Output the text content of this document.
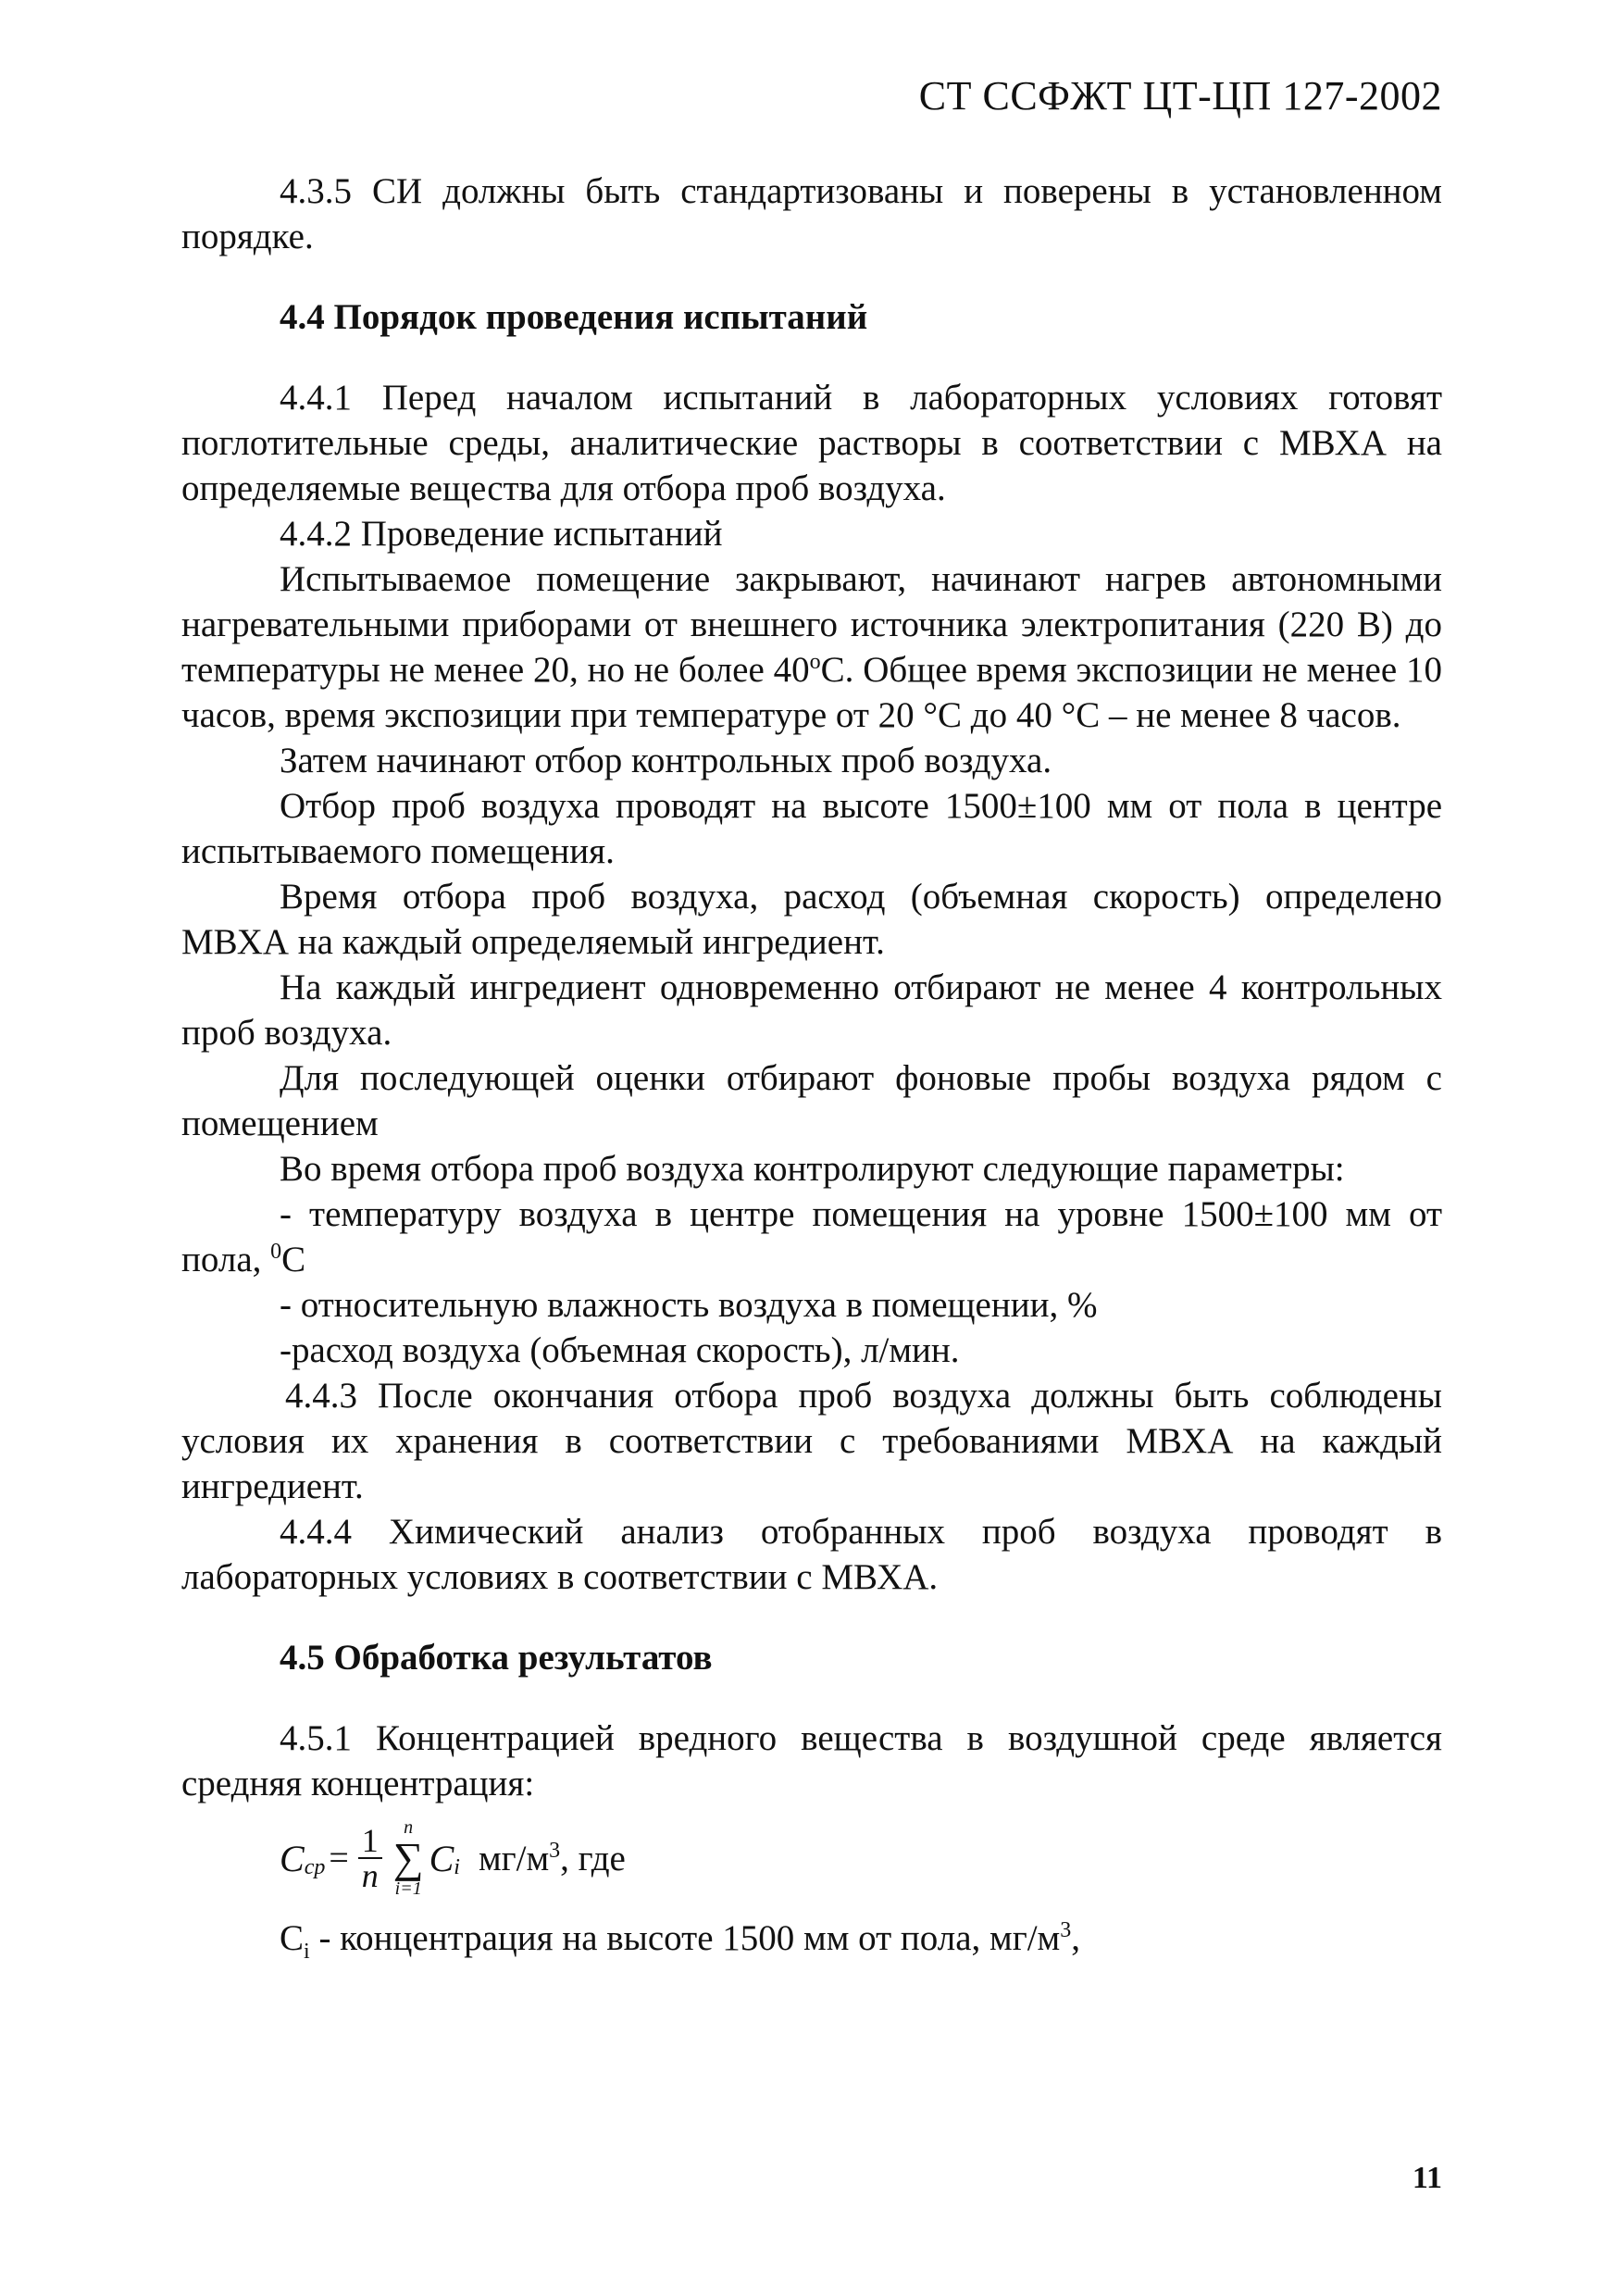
СТ ССФЖТ ЦТ-ЦП 127-2002

4.3.5 СИ должны быть стандартизованы и поверены в установленном порядке.

4.4 Порядок проведения испытаний

4.4.1 Перед началом испытаний в лабораторных условиях готовят поглотительные среды, аналитические растворы в соответствии с МВХА на определяемые вещества для отбора проб воздуха.

4.4.2 Проведение испытаний

Испытываемое помещение закрывают, начинают нагрев автономными нагревательными приборами от внешнего источника электропитания (220 В) до температуры не менее 20, но не более 40$^o$С. Общее время экспозиции не менее 10 часов, время экспозиции при температуре от 20 °С до 40 °С – не менее 8 часов.

Затем начинают отбор контрольных проб воздуха.

Отбор проб воздуха проводят на высоте 1500±100 мм от пола в центре испытываемого помещения.

Время отбора проб воздуха, расход (объемная скорость) определено МВХА на каждый определяемый ингредиент.

На каждый ингредиент одновременно отбирают не менее 4 контрольных проб воздуха.

Для последующей оценки отбирают фоновые пробы воздуха рядом с помещением

Во время отбора проб воздуха контролируют следующие параметры:

- температуру воздуха в центре помещения на уровне 1500±100 мм от пола, $^0$С

- относительную влажность воздуха в помещении, %

-расход воздуха (объемная скорость), л/мин.

4.4.3 После окончания отбора проб воздуха должны быть соблюдены условия их хранения в соответствии с требованиями МВХА на каждый ингредиент.

4.4.4 Химический анализ отобранных проб воздуха проводят в лабораторных условиях в соответствии с МВХА.

4.5 Обработка результатов

4.5.1 Концентрацией вредного вещества в воздушной среде является средняя концентрация:

C ср = $\frac{1}{n}$ n
∑
i=1
C i $мг/м^3$, где

$C_i$ - концентрация на высоте 1500 мм от пола, $мг/м^3$,

11
